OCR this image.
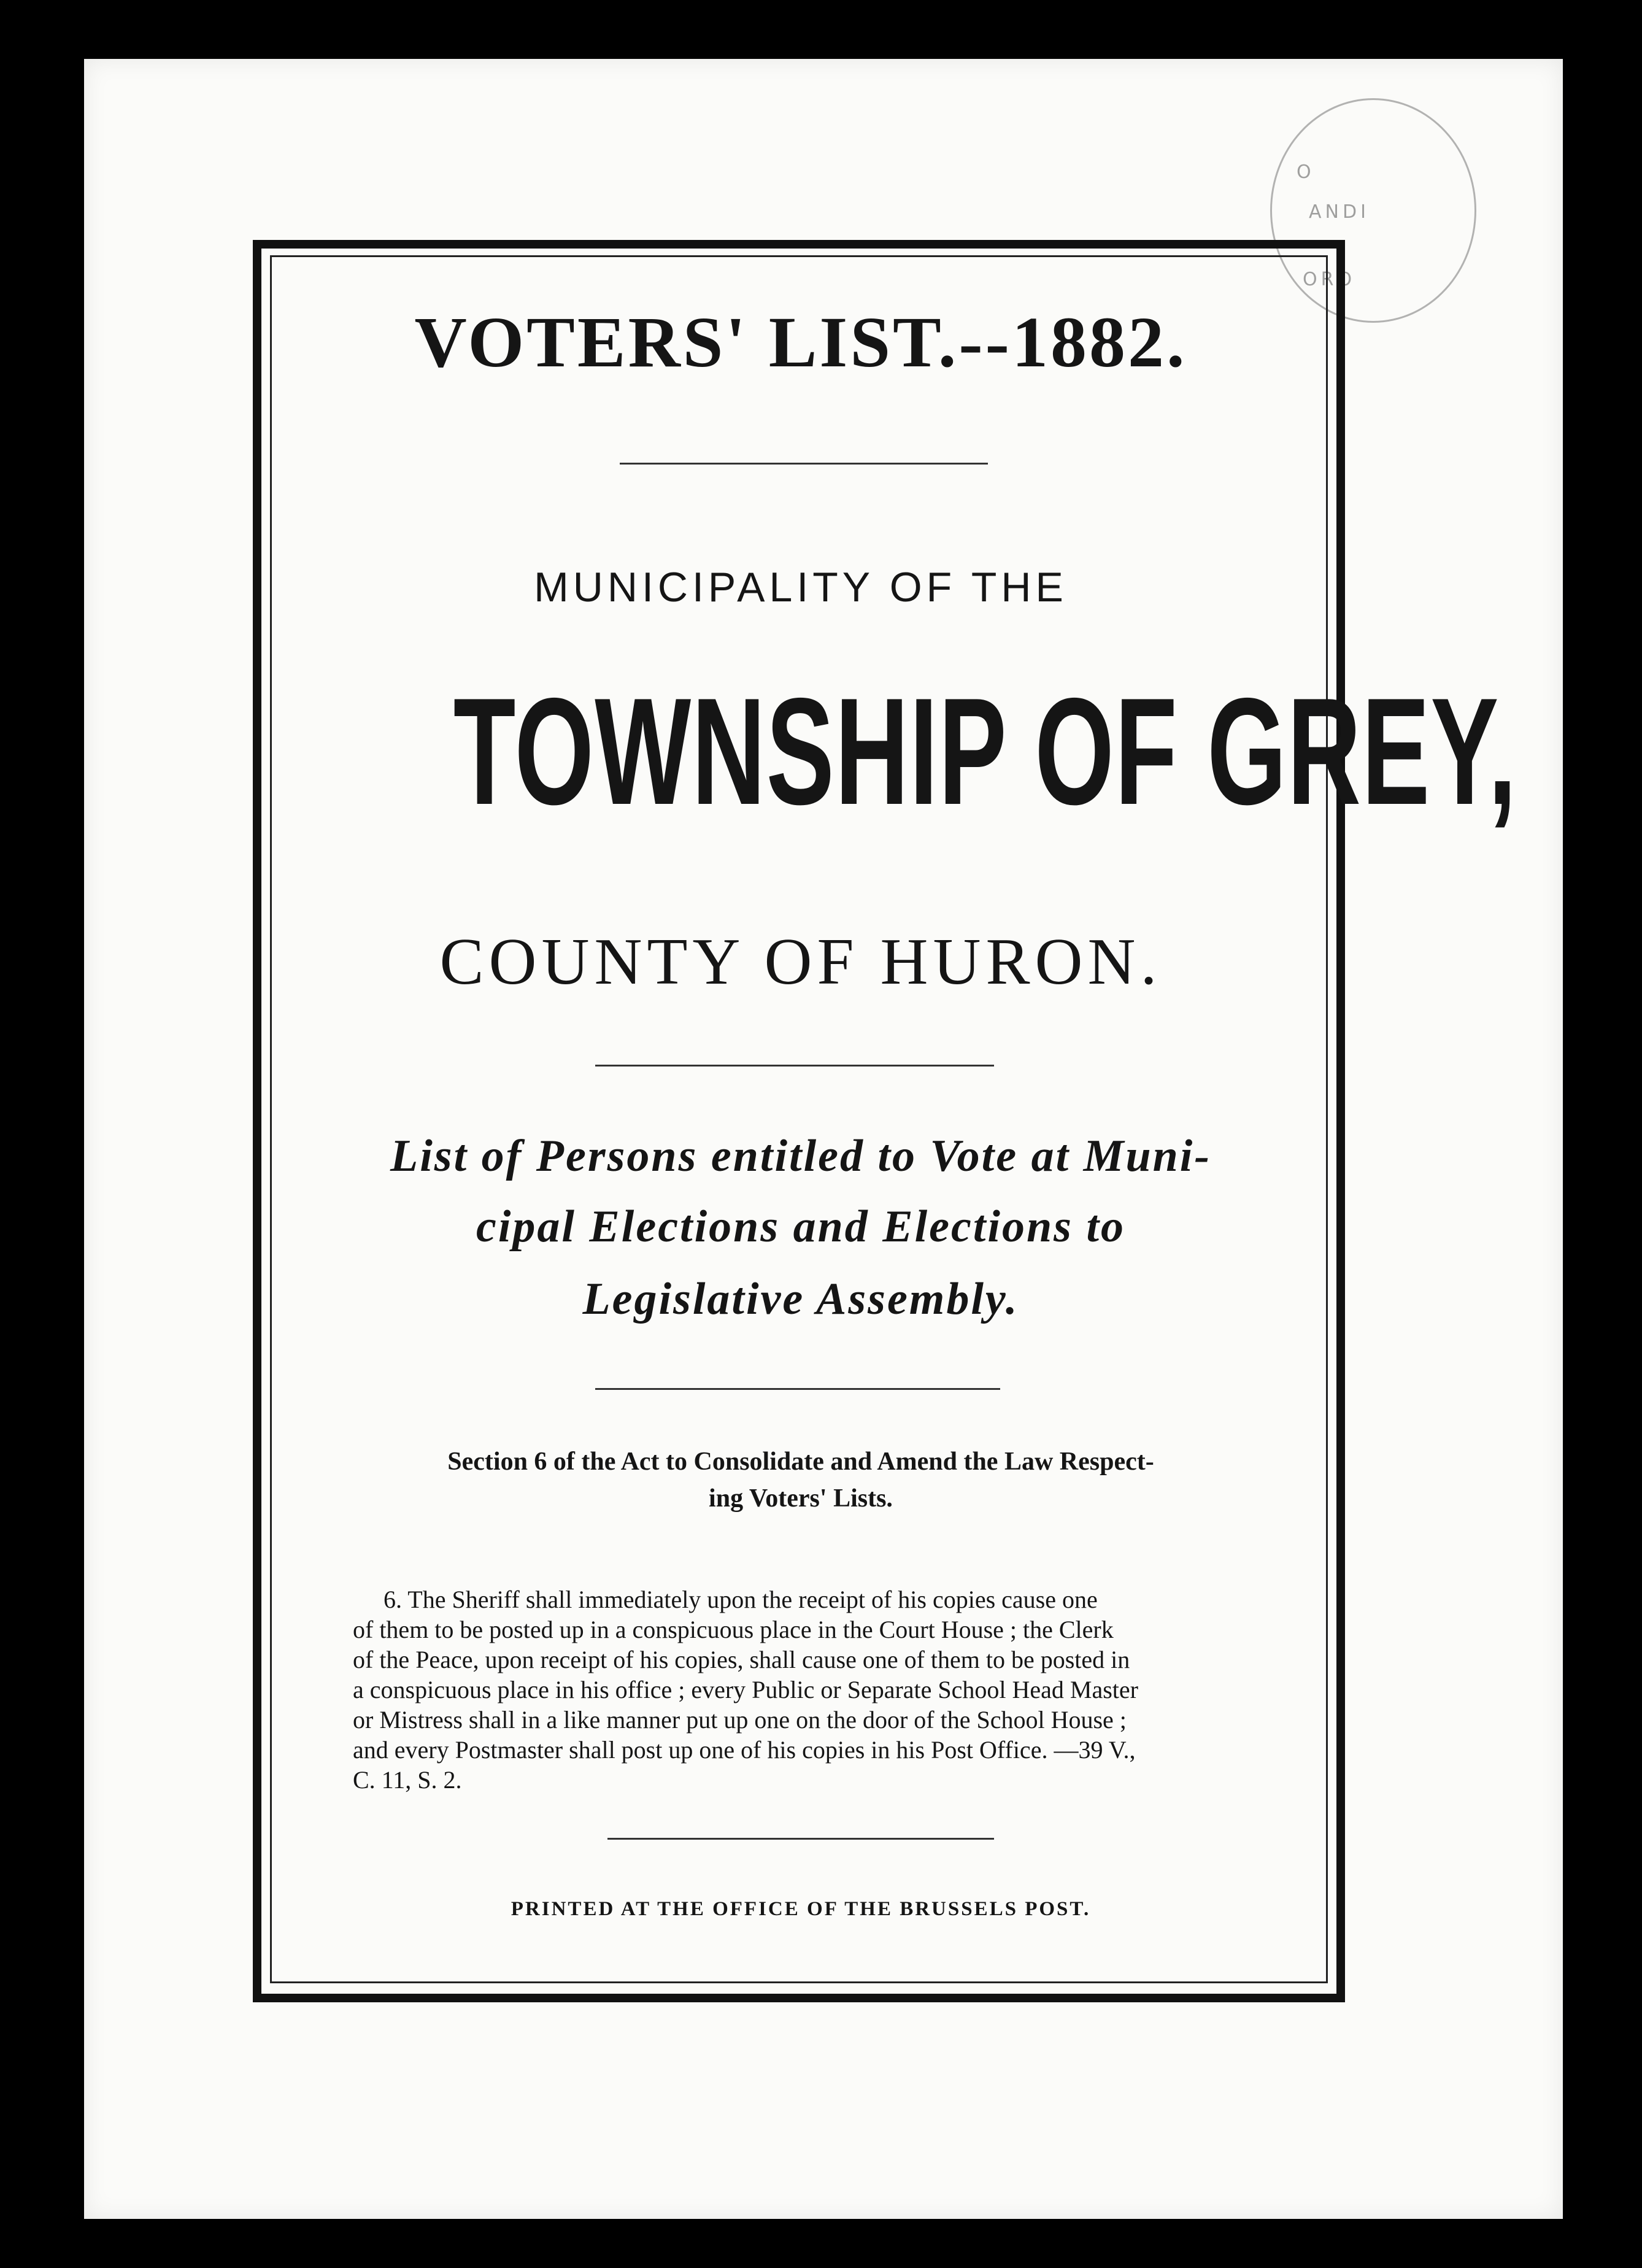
O
ANDI
ORO
VOTERS' LIST.--1882.
MUNICIPALITY OF THE
TOWNSHIP OF GREY,
COUNTY OF HURON.
List of Persons entitled to Vote at Muni-
cipal Elections and Elections to
Legislative Assembly.
Section 6 of the Act to Consolidate and Amend the Law Respect-
ing Voters' Lists.
6. The Sheriff shall immediately upon the receipt of his copies cause one
of them to be posted up in a conspicuous place in the Court House ; the Clerk
of the Peace, upon receipt of his copies, shall cause one of them to be posted in
a conspicuous place in his office ; every Public or Separate School Head Master
or Mistress shall in a like manner put up one on the door of the School House ;
and every Postmaster shall post up one of his copies in his Post Office. —39 V.,
C. 11, S. 2.
PRINTED AT THE OFFICE OF THE BRUSSELS POST.
